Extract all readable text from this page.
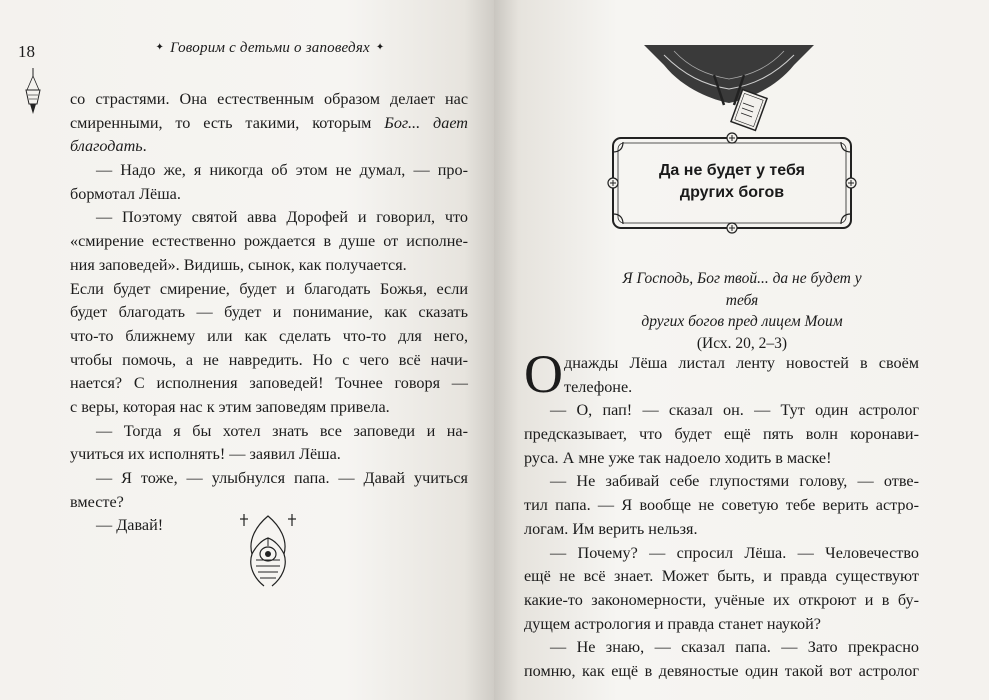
18	✦ Говорим с детьми о заповедях ✦
со страстями. Она естественным образом делает нас
смиренными, то есть такими, которым Бог... дает
благодать.
— Надо же, я никогда об этом не думал, — про-
бормотал Лёша.
— Поэтому святой авва Дорофей и говорил, что
«смирение естественно рождается в душе от исполне-
ния заповедей». Видишь, сынок, как получается.
Если будет смирение, будет и благодать Божья, если
будет благодать — будет и понимание, как сказать
что-то ближнему или как сделать что-то для него,
чтобы помочь, а не навредить. Но с чего всё начи-
нается? С исполнения заповедей! Точнее говоря —
с веры, которая нас к этим заповедям привела.
— Тогда я бы хотел знать все заповеди и на-
учиться их исполнять! — заявил Лёша.
— Я тоже, — улыбнулся папа. — Давай учиться
вместе?
— Давай!
Да не будет у тебя
других богов
Я Господь, Бог твой... да не будет у тебя
других богов пред лицем Моим
(Исх. 20, 2–3)
О днажды Лёша листал ленту новостей в своём
телефоне.
— О, пап! — сказал он. — Тут один астролог
предсказывает, что будет ещё пять волн коронави-
руса. А мне уже так надоело ходить в маске!
— Не забивай себе глупостями голову, — отве-
тил папа. — Я вообще не советую тебе верить астро-
логам. Им верить нельзя.
— Почему? — спросил Лёша. — Человечество
ещё не всё знает. Может быть, и правда существуют
какие-то закономерности, учёные их откроют и в бу-
дущем астрология и правда станет наукой?
— Не знаю, — сказал папа. — Зато прекрасно
помню, как ещё в девяностые один такой вот астролог
